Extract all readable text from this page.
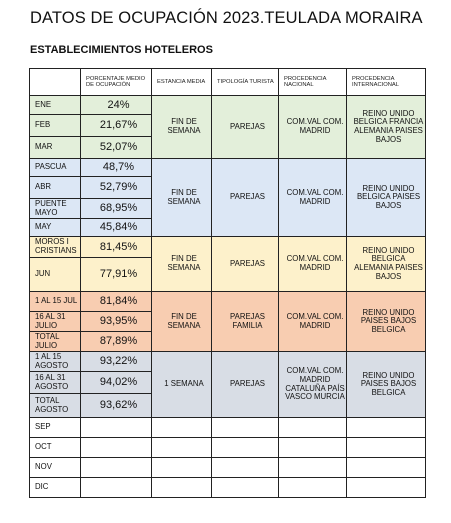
DATOS DE OCUPACIÓN 2023.TEULADA MORAIRA
ESTABLECIMIENTOS HOTELEROS
	PORCENTAJE MEDIO DE OCUPACIÓN	ESTANCIA MEDIA	TIPOLOGÍA TURISTA	PROCEDENCIA NACIONAL	PROCEDENCIA INTERNACIONAL
ENE	24%	FIN DE SEMANA	PAREJAS	COM.VAL COM. MADRID	REINO UNIDO BELGICA FRANCIA ALEMANIA PAISES BAJOS
FEB	21,67%				
MAR	52,07%				
PASCUA	48,7%	FIN DE SEMANA	PAREJAS	COM.VAL COM. MADRID	REINO UNIDO BELGICA PAISES BAJOS
ABR	52,79%				
PUENTE MAYO	68,95%				
MAY	45,84%				
MOROS I CRISTIANS	81,45%	FIN DE SEMANA	PAREJAS	COM.VAL COM. MADRID	REINO UNIDO BELGICA ALEMANIA PAISES BAJOS
JUN	77,91%				
1 AL 15 JUL	81,84%	FIN DE SEMANA	PAREJAS FAMILIA	COM.VAL COM. MADRID	REINO UNIDO PAISES BAJOS BELGICA
16 AL 31 JULIO	93,95%				
TOTAL JULIO	87,89%				
1 AL 15 AGOSTO	93,22%	1 SEMANA	PAREJAS	COM.VAL COM. MADRID CATALUÑA PAÍS VASCO MURCIA	REINO UNIDO PAISES BAJOS BELGICA
16 AL 31 AGOSTO	94,02%				
TOTAL AGOSTO	93,62%				
SEP					
OCT					
NOV					
DIC					
